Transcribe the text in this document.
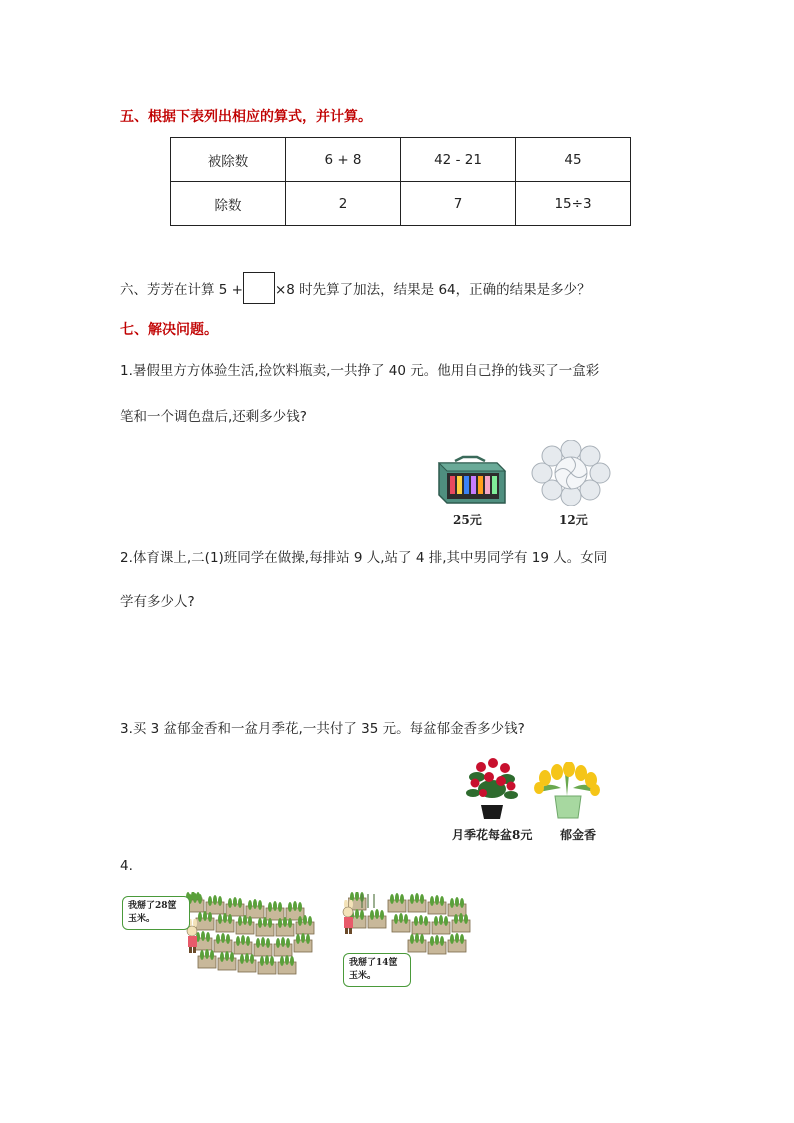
五、根据下表列出相应的算式，并计算。
被除数	6 + 8	42 - 21	45
除数	2	7	15÷3
六、芳芳在计算 5 + ×8 时先算了加法，结果是 64，正确的结果是多少？
七、解决问题。
1.暑假里方方体验生活,捡饮料瓶卖,一共挣了 40 元。他用自己挣的钱买了一盒彩
笔和一个调色盘后,还剩多少钱?
25元	12元
2.体育课上,二(1)班同学在做操,每排站 9 人,站了 4 排,其中男同学有 19 人。女同
学有多少人?
3.买 3 盆郁金香和一盆月季花,一共付了 35 元。每盆郁金香多少钱?
月季花每盆8元 郁金香
4.
我掰了28筐玉米。
我掰了14筐玉米。
